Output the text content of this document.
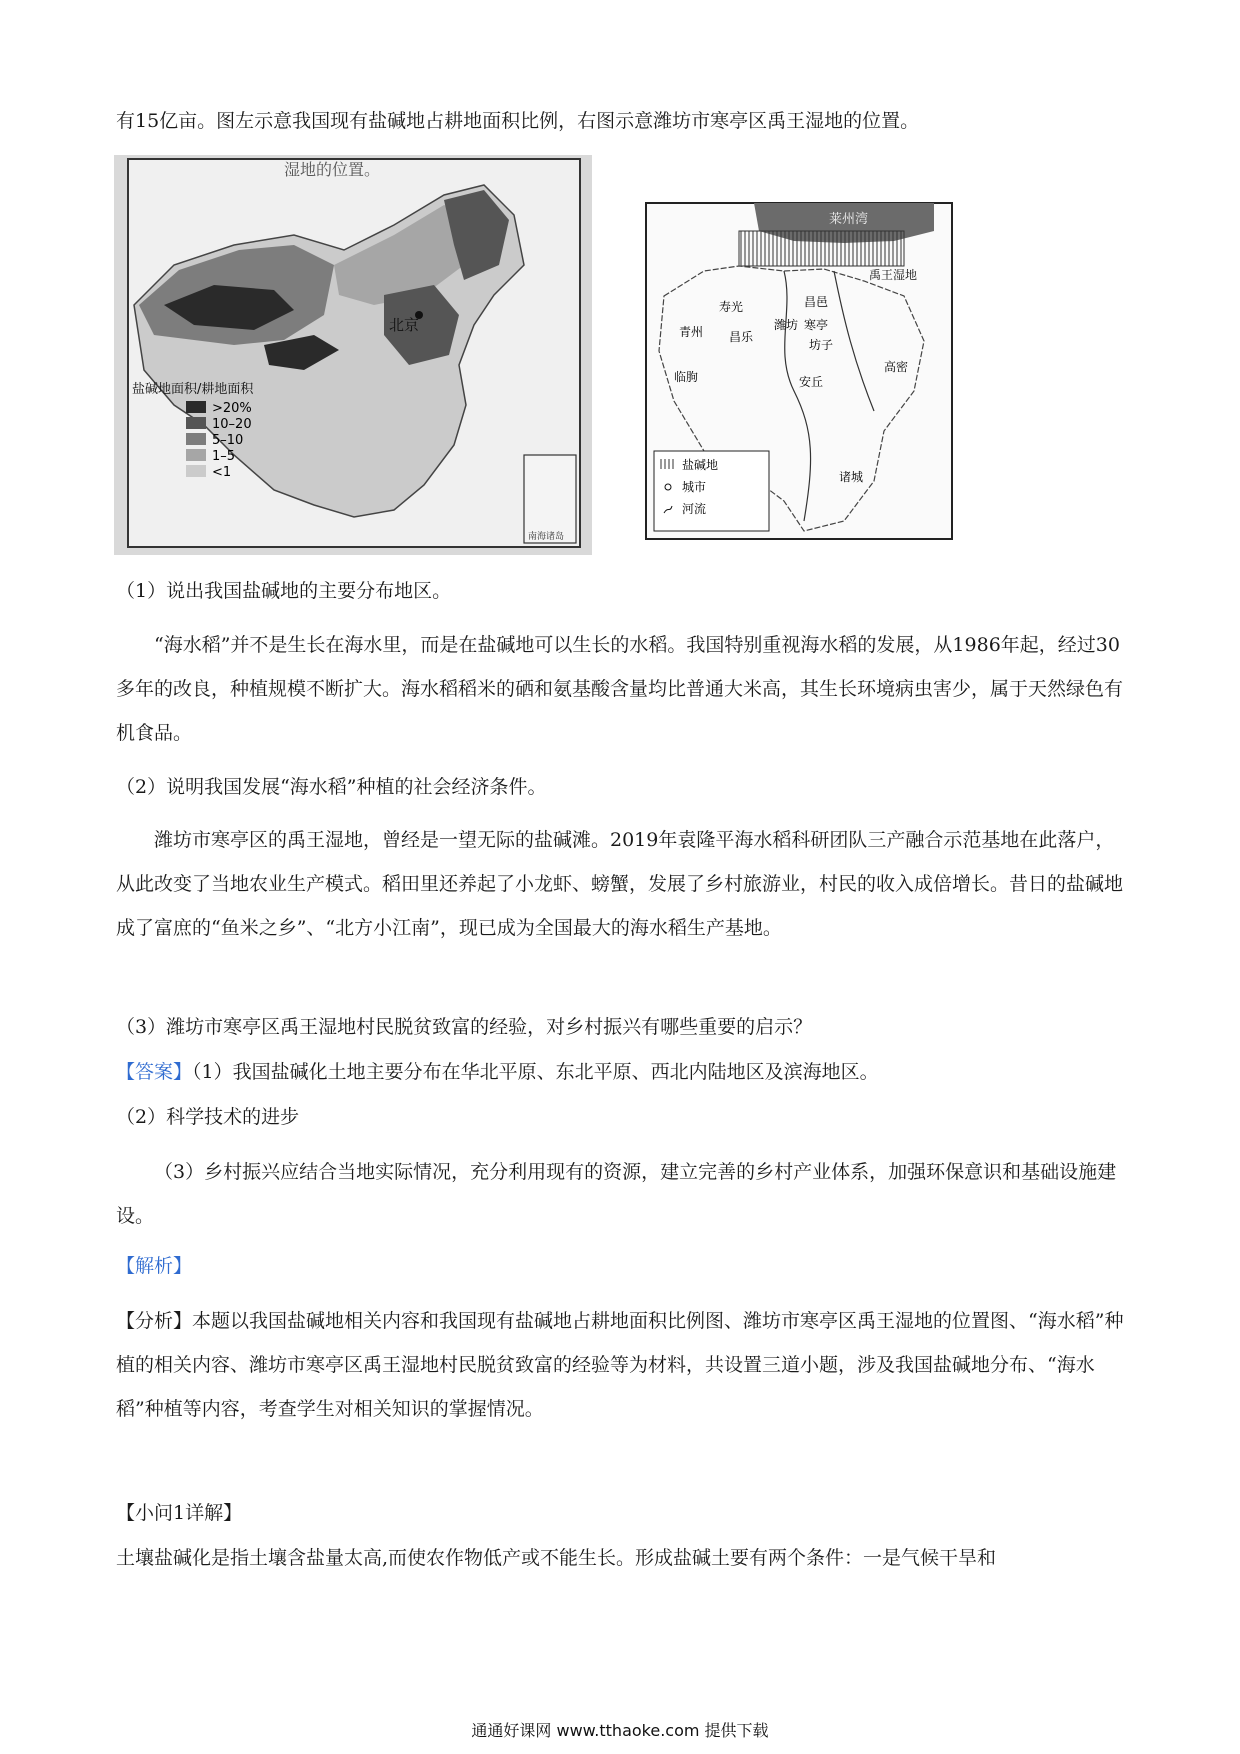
有15亿亩。图左示意我国现有盐碱地占耕地面积比例，右图示意潍坊市寒亭区禹王湿地的位置。

湿地的位置。
北京
盐碱地面积/耕地面积
>20%
10–20
5–10
1–5
<1
南海诸岛
莱州湾
禹王湿地
寿光	昌邑
潍坊 寒亭
坊子
青州 昌乐
临朐	安丘
高密
诸城
盐碱地
城市
河流

（1）说出我国盐碱地的主要分布地区。

“海水稻”并不是生长在海水里，而是在盐碱地可以生长的水稻。我国特别重视海水稻的发展，从1986年起，经过30多年的改良，种植规模不断扩大。海水稻稻米的硒和氨基酸含量均比普通大米高，其生长环境病虫害少，属于天然绿色有机食品。

（2）说明我国发展“海水稻”种植的社会经济条件。

潍坊市寒亭区的禹王湿地，曾经是一望无际的盐碱滩。2019年袁隆平海水稻科研团队三产融合示范基地在此落户，从此改变了当地农业生产模式。稻田里还养起了小龙虾、螃蟹，发展了乡村旅游业，村民的收入成倍增长。昔日的盐碱地成了富庶的“鱼米之乡”、“北方小江南”，现已成为全国最大的海水稻生产基地。

（3）潍坊市寒亭区禹王湿地村民脱贫致富的经验，对乡村振兴有哪些重要的启示？

【答案】（1）我国盐碱化土地主要分布在华北平原、东北平原、西北内陆地区及滨海地区。

（2）科学技术的进步

（3）乡村振兴应结合当地实际情况，充分利用现有的资源，建立完善的乡村产业体系，加强环保意识和基础设施建设。

【解析】

【分析】本题以我国盐碱地相关内容和我国现有盐碱地占耕地面积比例图、潍坊市寒亭区禹王湿地的位置图、“海水稻”种植的相关内容、潍坊市寒亭区禹王湿地村民脱贫致富的经验等为材料，共设置三道小题，涉及我国盐碱地分布、“海水稻”种植等内容，考查学生对相关知识的掌握情况。

【小问1详解】

土壤盐碱化是指土壤含盐量太高,而使农作物低产或不能生长。形成盐碱土要有两个条件：一是气候干旱和

通通好课网 www.tthaoke.com 提供下载
